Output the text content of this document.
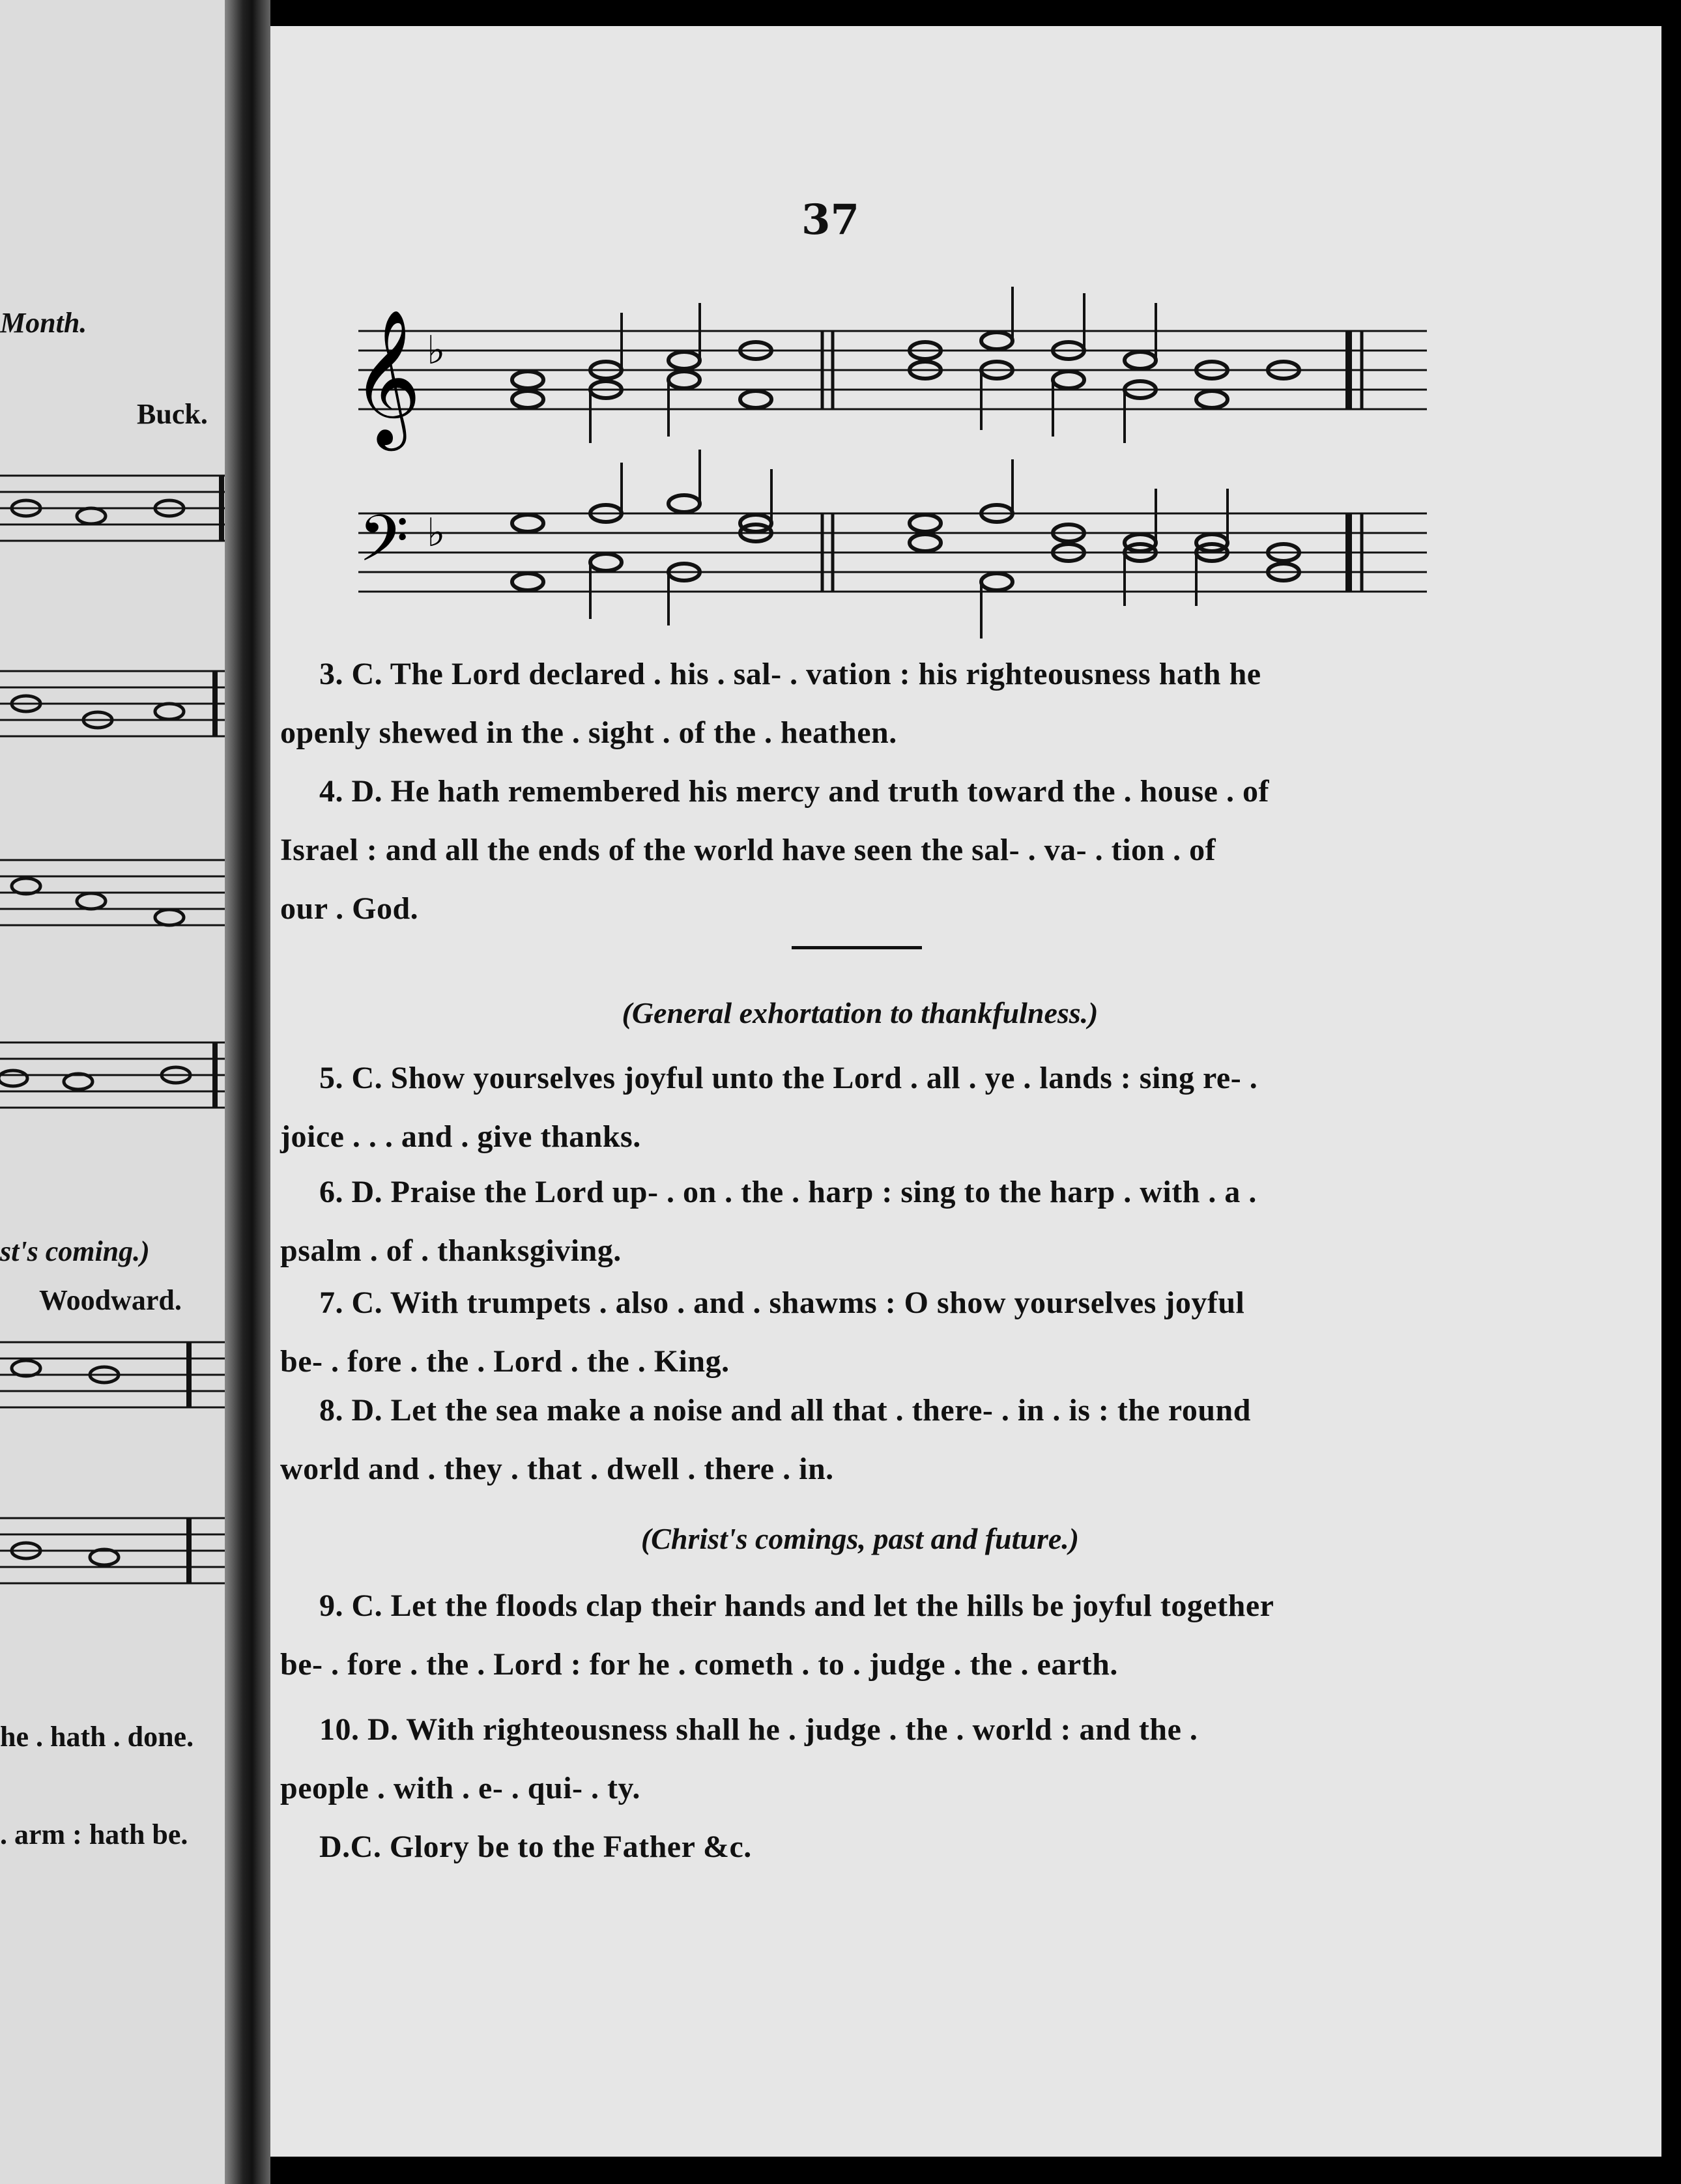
Month.
Buck.
st's coming.)
Woodward.
he . hath . done.
. arm : hath be.
37
𝄞
𝄢
♭
♭
3. C. The Lord declared . his . sal- . vation : his righteousness hath he
openly shewed in the . sight . of the . heathen.
4. D. He hath remembered his mercy and truth toward the . house . of
Israel : and all the ends of the world have seen the sal- . va- . tion . of
our . God.
(General exhortation to thankfulness.)
5. C. Show yourselves joyful unto the Lord . all . ye . lands : sing re- .
joice . . . and . give thanks.
6. D. Praise the Lord up- . on . the . harp : sing to the harp . with . a .
psalm . of . thanksgiving.
7. C. With trumpets . also . and . shawms : O show yourselves joyful
be- . fore . the . Lord . the . King.
8. D. Let the sea make a noise and all that . there- . in . is : the round
world and . they . that . dwell . there . in.
(Christ's comings, past and future.)
9. C. Let the floods clap their hands and let the hills be joyful together
be- . fore . the . Lord : for he . cometh . to . judge . the . earth.
10. D. With righteousness shall he . judge . the . world : and the .
people . with . e- . qui- . ty.
D.C. Glory be to the Father &c.
